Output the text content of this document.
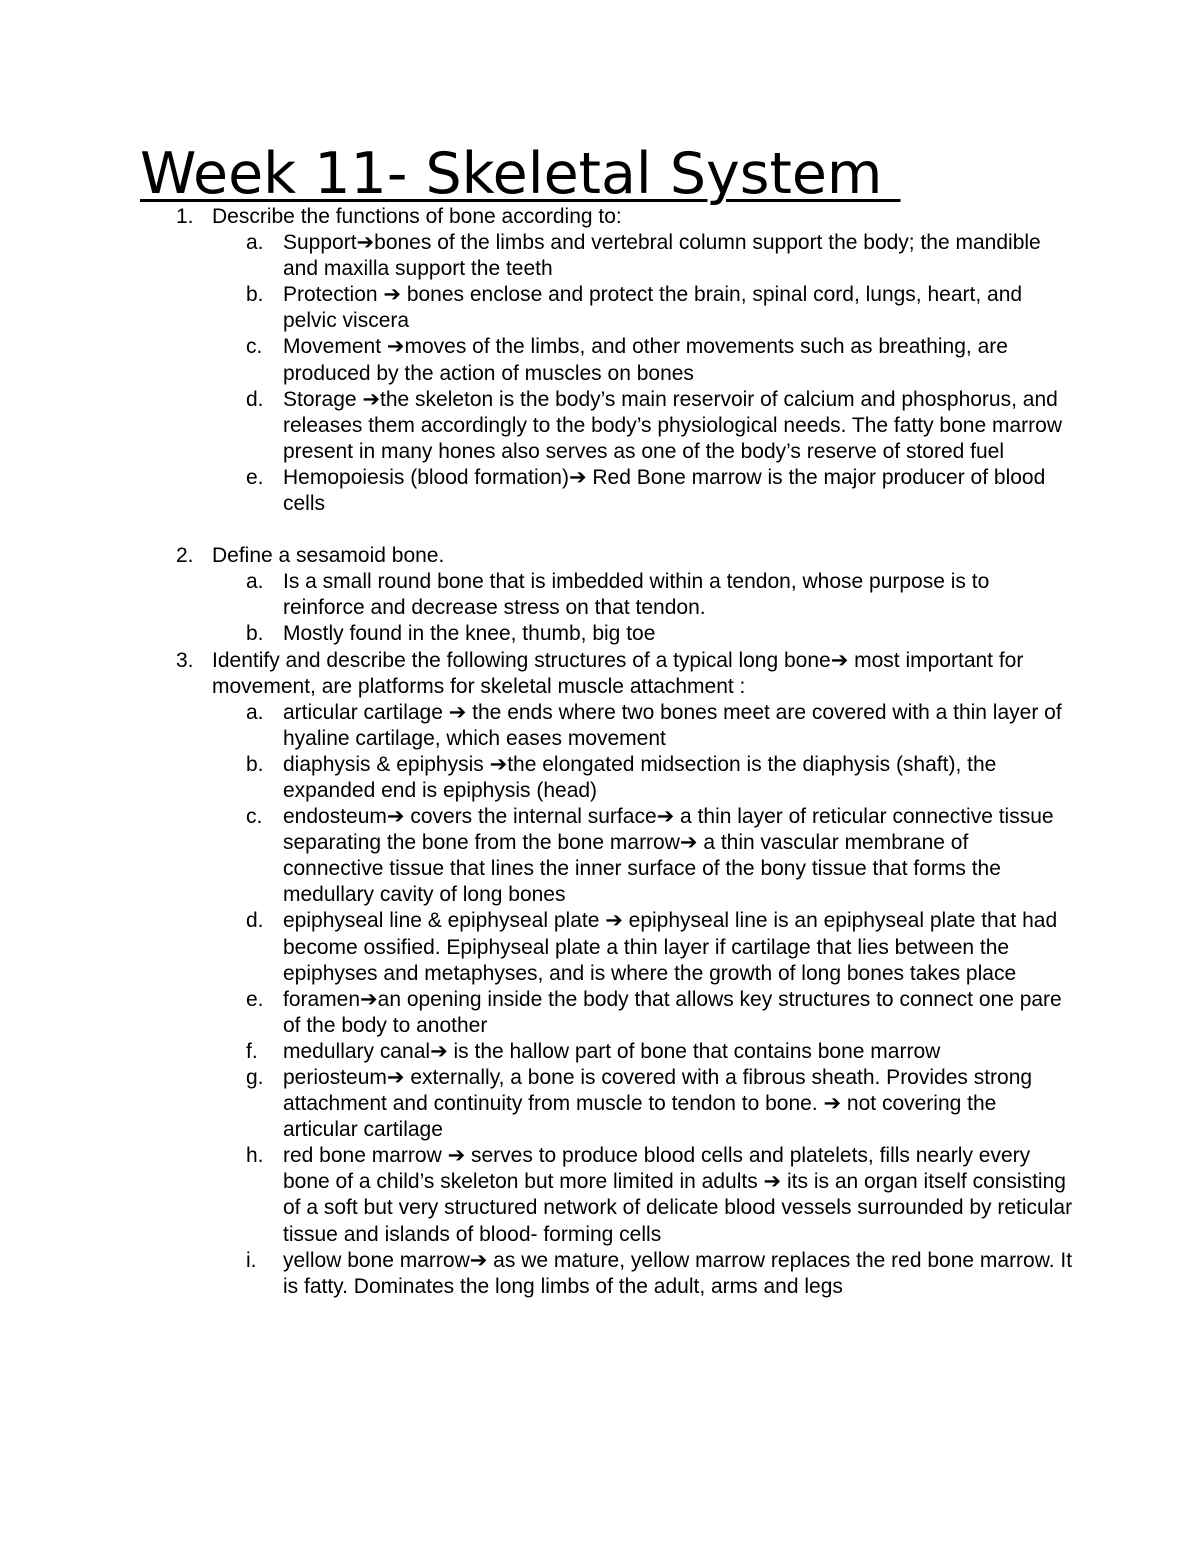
Week 11- Skeletal System
1. Describe the functions of bone according to:
a. Support➔bones of the limbs and vertebral column support the body; the mandible and maxilla support the teeth
b. Protection ➔ bones enclose and protect the brain, spinal cord, lungs, heart, and pelvic viscera
c. Movement ➔moves of the limbs, and other movements such as breathing, are produced by the action of muscles on bones
d. Storage ➔the skeleton is the body’s main reservoir of calcium and phosphorus, and releases them accordingly to the body’s physiological needs. The fatty bone marrow present in many hones also serves as one of the body’s reserve of stored fuel
e. Hemopoiesis (blood formation)➔ Red Bone marrow is the major producer of blood cells
2. Define a sesamoid bone.
a. Is a small round bone that is imbedded within a tendon, whose purpose is to reinforce and decrease stress on that tendon.
b. Mostly found in the knee, thumb, big toe
3. Identify and describe the following structures of a typical long bone➔ most important for movement, are platforms for skeletal muscle attachment :
a. articular cartilage ➔ the ends where two bones meet are covered with a thin layer of hyaline cartilage, which eases movement
b. diaphysis & epiphysis ➔the elongated midsection is the diaphysis (shaft), the expanded end is epiphysis (head)
c. endosteum➔ covers the internal surface➔ a thin layer of reticular connective tissue separating the bone from the bone marrow➔ a thin vascular membrane of connective tissue that lines the inner surface of the bony tissue that forms the medullary cavity of long bones
d. epiphyseal line & epiphyseal plate ➔ epiphyseal line is an epiphyseal plate that had become ossified. Epiphyseal plate a thin layer if cartilage that lies between the epiphyses and metaphyses, and is where the growth of long bones takes place
e. foramen➔an opening inside the body that allows key structures to connect one pare of the body to another
f. medullary canal➔ is the hallow part of bone that contains bone marrow
g. periosteum➔ externally, a bone is covered with a fibrous sheath. Provides strong attachment and continuity from muscle to tendon to bone. ➔ not covering the articular cartilage
h. red bone marrow ➔ serves to produce blood cells and platelets, fills nearly every bone of a child’s skeleton but more limited in adults ➔ its is an organ itself consisting of a soft but very structured network of delicate blood vessels surrounded by reticular tissue and islands of blood- forming cells
i. yellow bone marrow➔ as we mature, yellow marrow replaces the red bone marrow. It is fatty. Dominates the long limbs of the adult, arms and legs
